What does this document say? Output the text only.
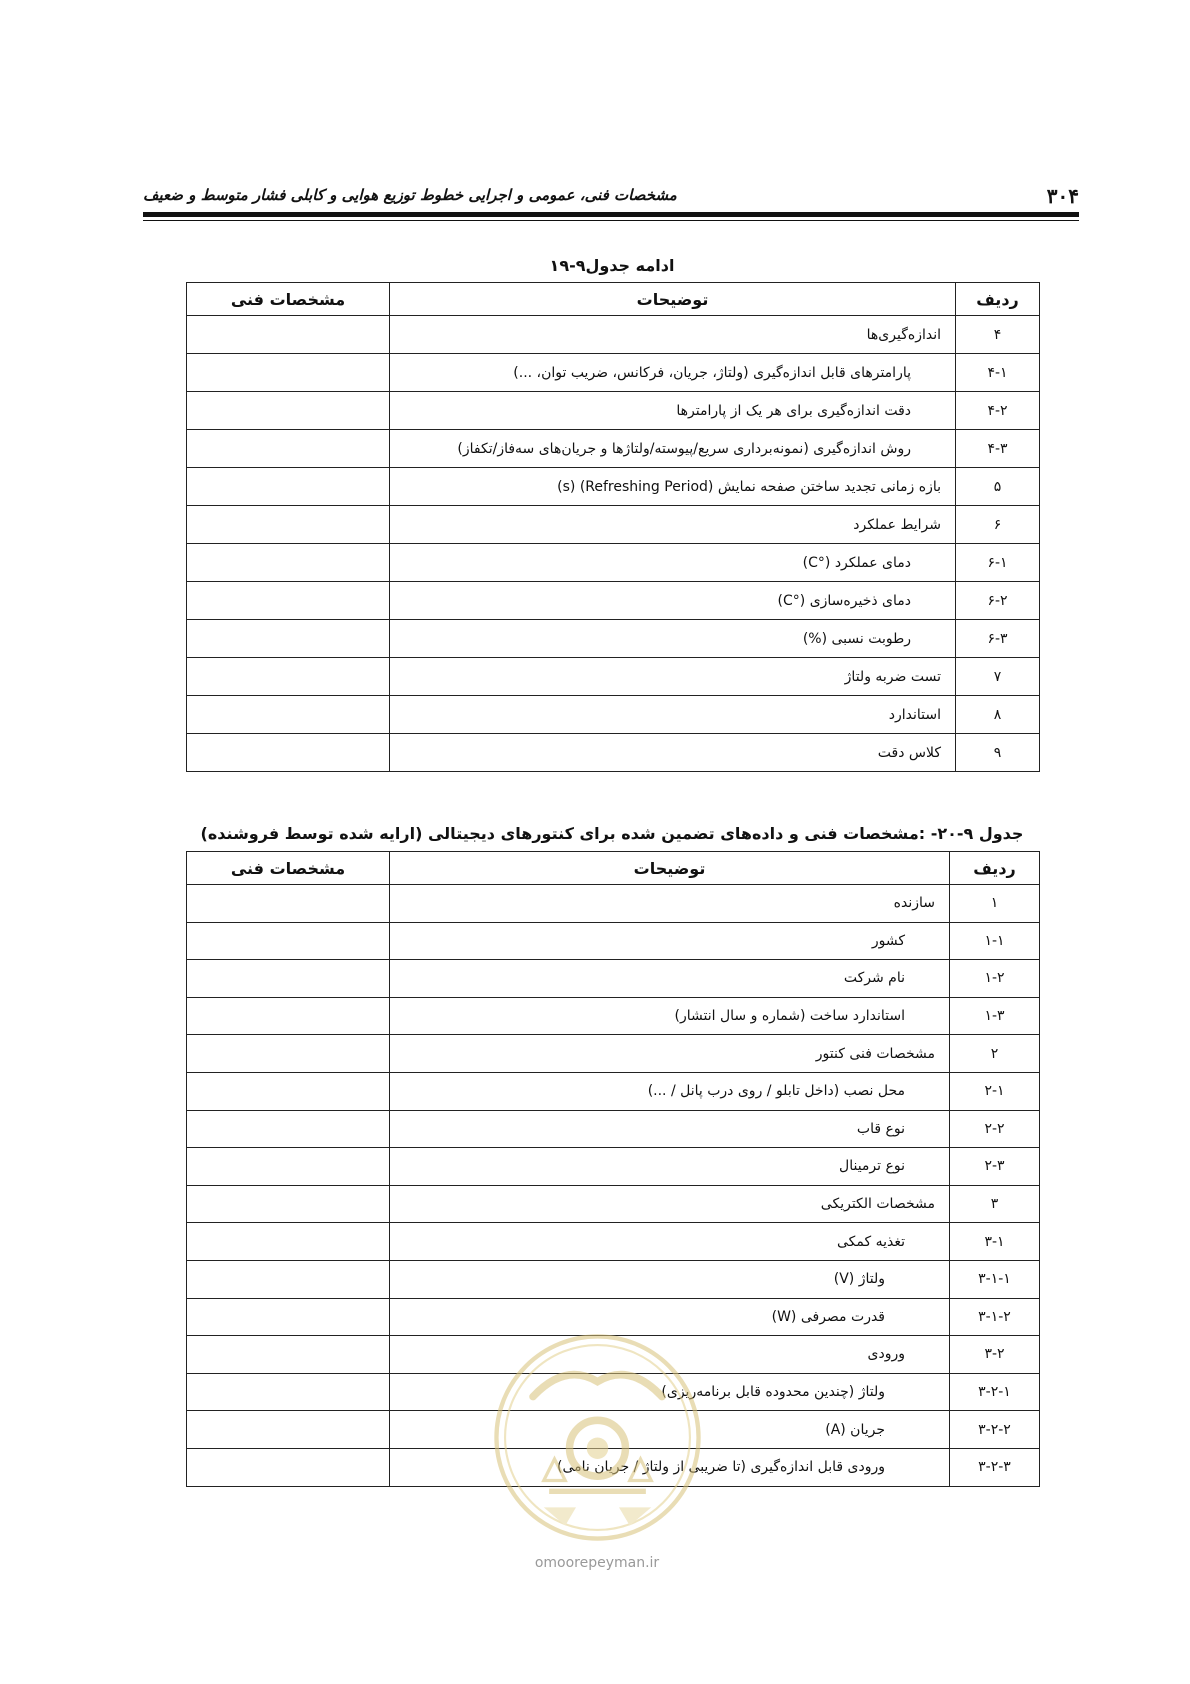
۳۰۴
مشخصات فنی، عمومی و اجرایی خطوط توزیع هوایی و کابلی فشار متوسط و ضعیف
ادامه جدول۹-۱۹
ردیف	توضیحات	مشخصات فنی
۴	اندازه‌گیری‌ها	
۴-۱	پارامترهای قابل اندازه‌گیری (ولتاژ، جریان، فرکانس، ضریب توان، ...)	
۴-۲	دقت اندازه‌گیری برای هر یک از پارامترها	
۴-۳	روش اندازه‌گیری (نمونه‌برداری سریع/پیوسته/ولتاژها و جریان‌های سه‌فاز/تکفاز)	
۵	بازه زمانی تجدید ساختن صفحه نمایش (Refreshing Period) (s)	
۶	شرایط عملکرد	
۶-۱	دمای عملکرد (°C)	
۶-۲	دمای ذخیره‌سازی (°C)	
۶-۳	رطوبت نسبی (%)	
۷	تست ضربه ولتاژ	
۸	استاندارد	
۹	کلاس دقت	
جدول ۹-۲۰- :مشخصات فنی و داده‌های تضمین شده برای کنتورهای دیجیتالی (ارایه شده توسط فروشنده)
ردیف	توضیحات	مشخصات فنی
۱	سازنده	
۱-۱	کشور	
۱-۲	نام شرکت	
۱-۳	استاندارد ساخت (شماره و سال انتشار)	
۲	مشخصات فنی کنتور	
۲-۱	محل نصب (داخل تابلو / روی درب پانل / ...)	
۲-۲	نوع قاب	
۲-۳	نوع ترمینال	
۳	مشخصات الکتریکی	
۳-۱	تغذیه کمکی	
۳-۱-۱	ولتاژ (V)	
۳-۱-۲	قدرت مصرفی (W)	
۳-۲	ورودی	
۳-۲-۱	ولتاژ (چندین محدوده قابل برنامه‌ریزی)	
۳-۲-۲	جریان (A)	
۳-۲-۳	ورودی قابل اندازه‌گیری (تا ضریبی از ولتاژ / جریان نامی)	
omoorepeyman.ir
